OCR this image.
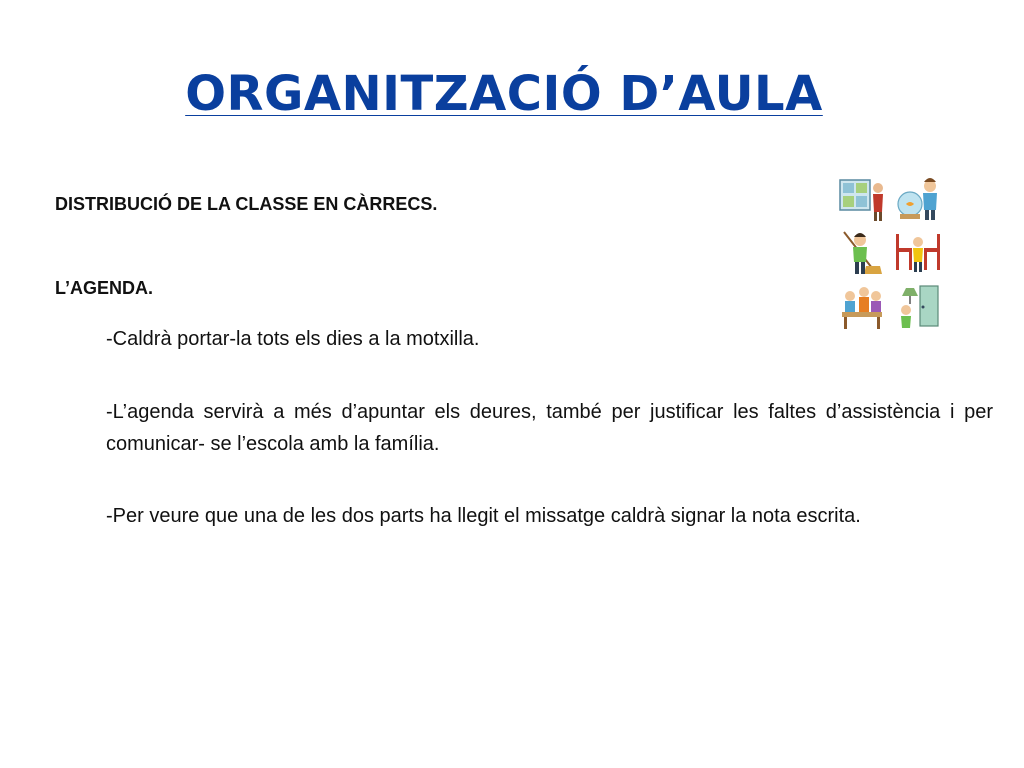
ORGANITZACIÓ D’AULA
DISTRIBUCIÓ DE LA CLASSE EN CÀRRECS.
L’AGENDA.
-Caldrà portar-la tots els dies a la motxilla.
-L’agenda servirà a més d’apuntar els deures, també per justificar les faltes d’assistència i per comunicar- se l’escola amb la família.
-Per veure que una de les dos parts ha llegit el missatge caldrà signar la nota escrita.
